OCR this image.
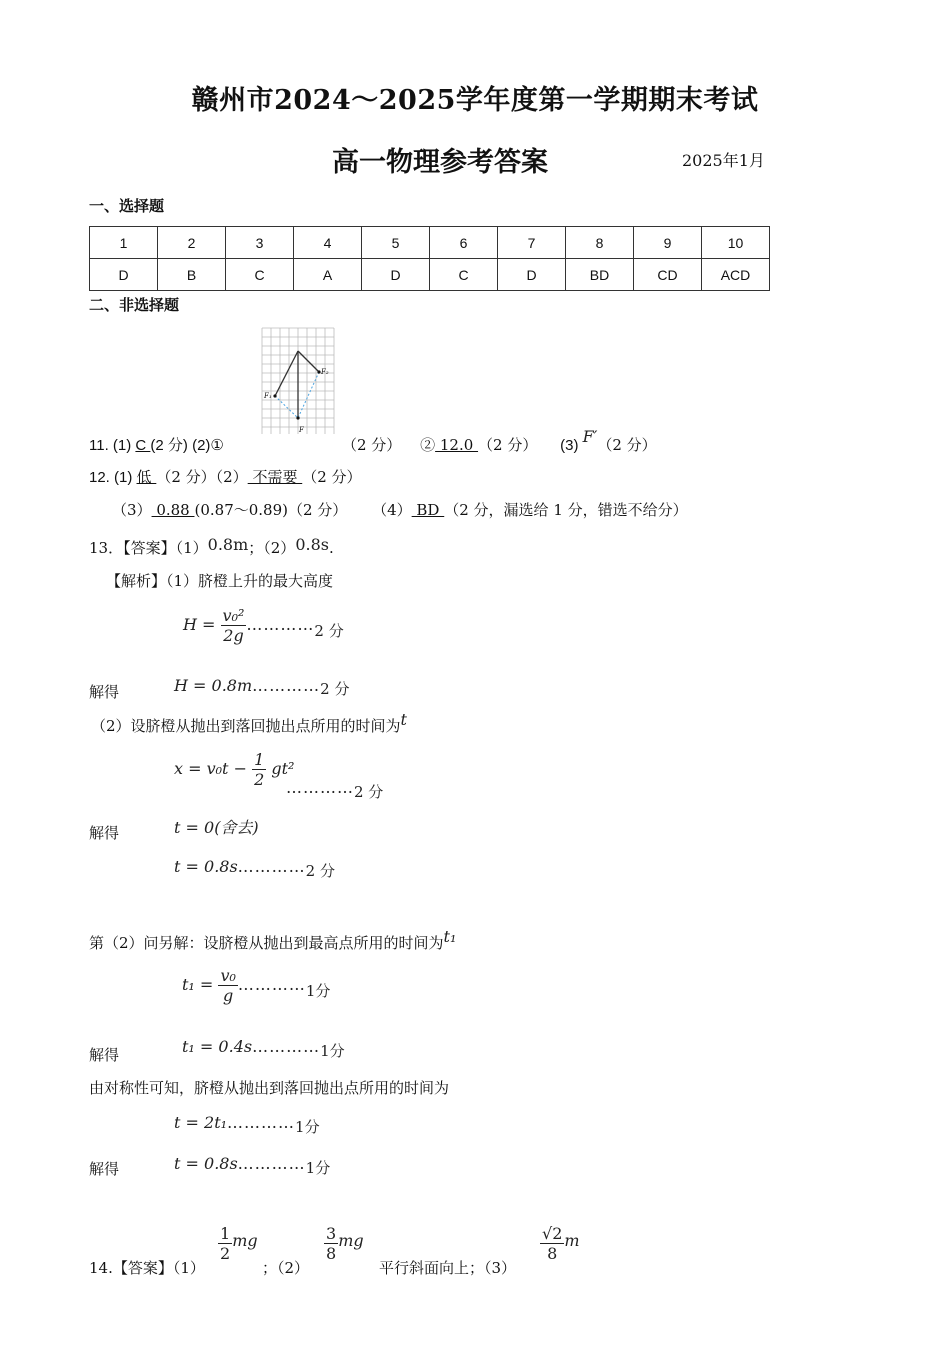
赣州市2024～2025学年度第一学期期末考试
高一物理参考答案	2025年1月
一、选择题
1	2	3	4	5	6	7	8	9	10
D	B	C	A	D	C	D	BD	CD	ACD
二、非选择题
F₁
F₂
F
11. (1) C (2 分) (2)①	（2 分） ② 12.0 （2 分） (3) F′（2 分）
12. (1) 低 （2 分）（2） 不需要 （2 分）
（3） 0.88 (0.87～0.89)（2 分） （4） BD （2 分，漏选给 1 分，错选不给分）
13．【答案】（1）0.8m；（2）0.8s.
【解析】（1）脐橙上升的最大高度
$H = \frac{\text{v₀²}}{2g}$ …………2 分
解得	H = 0.8m…………2 分
（2）设脐橙从抛出到落回抛出点所用的时间为t
$x = v_0t - \frac{1}{2} gt^2$
…………2 分
解得	t = 0(舍去)
t = 0.8s…………2 分
第（2）问另解：设脐橙从抛出到最高点所用的时间为t₁
$t_1 = \frac{\text{v₀}}{g}$ …………1分
解得	t₁ = 0.4s…………1分
由对称性可知，脐橙从抛出到落回抛出点所用的时间为
t = 2t₁…………1分
解得	t = 0.8s…………1分
14.【答案】（1）
$\frac{1}{2}$ mg
；（2）
$\frac{3}{8}$ mg
平行斜面向上；（3）
$\frac{√2}{8}$ m
